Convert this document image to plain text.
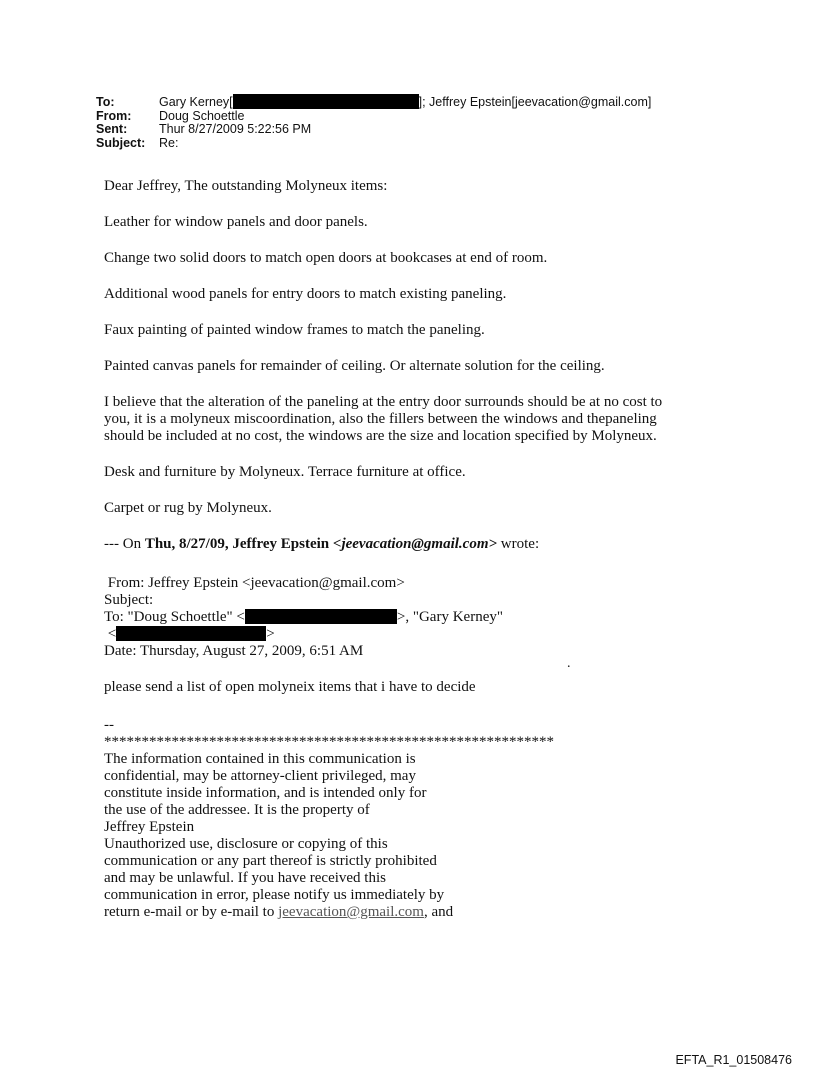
To:	Gary Kerney[	]; Jeffrey Epstein[jeevacation@gmail.com]
From:	Doug Schoettle
Sent:	Thur 8/27/2009 5:22:56 PM
Subject:	Re:

Dear Jeffrey, The outstanding Molyneux items:

Leather for window panels and door panels.

Change two solid doors to match open doors at bookcases at end of room.

Additional wood panels for entry doors to match existing paneling.

Faux painting of painted window frames to match the paneling.

Painted canvas panels for remainder of ceiling. Or alternate solution for the ceiling.

I believe that the alteration of the paneling at the entry door surrounds should be at no cost to
you, it is a molyneux miscoordination, also the fillers between the windows and thepaneling
should be included at no cost, the windows are the size and location specified by Molyneux.

Desk and furniture by Molyneux. Terrace furniture at office.

Carpet or rug by Molyneux.

--- On Thu, 8/27/09, Jeffrey Epstein <jeevacation@gmail.com> wrote:

From: Jeffrey Epstein <jeevacation@gmail.com>

Subject:

To: "Doug Schoettle" <	>, "Gary Kerney"

<	>

Date: Thursday, August 27, 2009, 6:51 AM

please send a list of open molyneix items that i have to decide

--

************************************************************

The information contained in this communication is

confidential, may be attorney-client privileged, may

constitute inside information, and is intended only for

the use of the addressee. It is the property of

Jeffrey Epstein

Unauthorized use, disclosure or copying of this

communication or any part thereof is strictly prohibited

and may be unlawful. If you have received this

communication in error, please notify us immediately by

return e-mail or by e-mail to jeevacation@gmail.com, and

.
EFTA_R1_01508476
